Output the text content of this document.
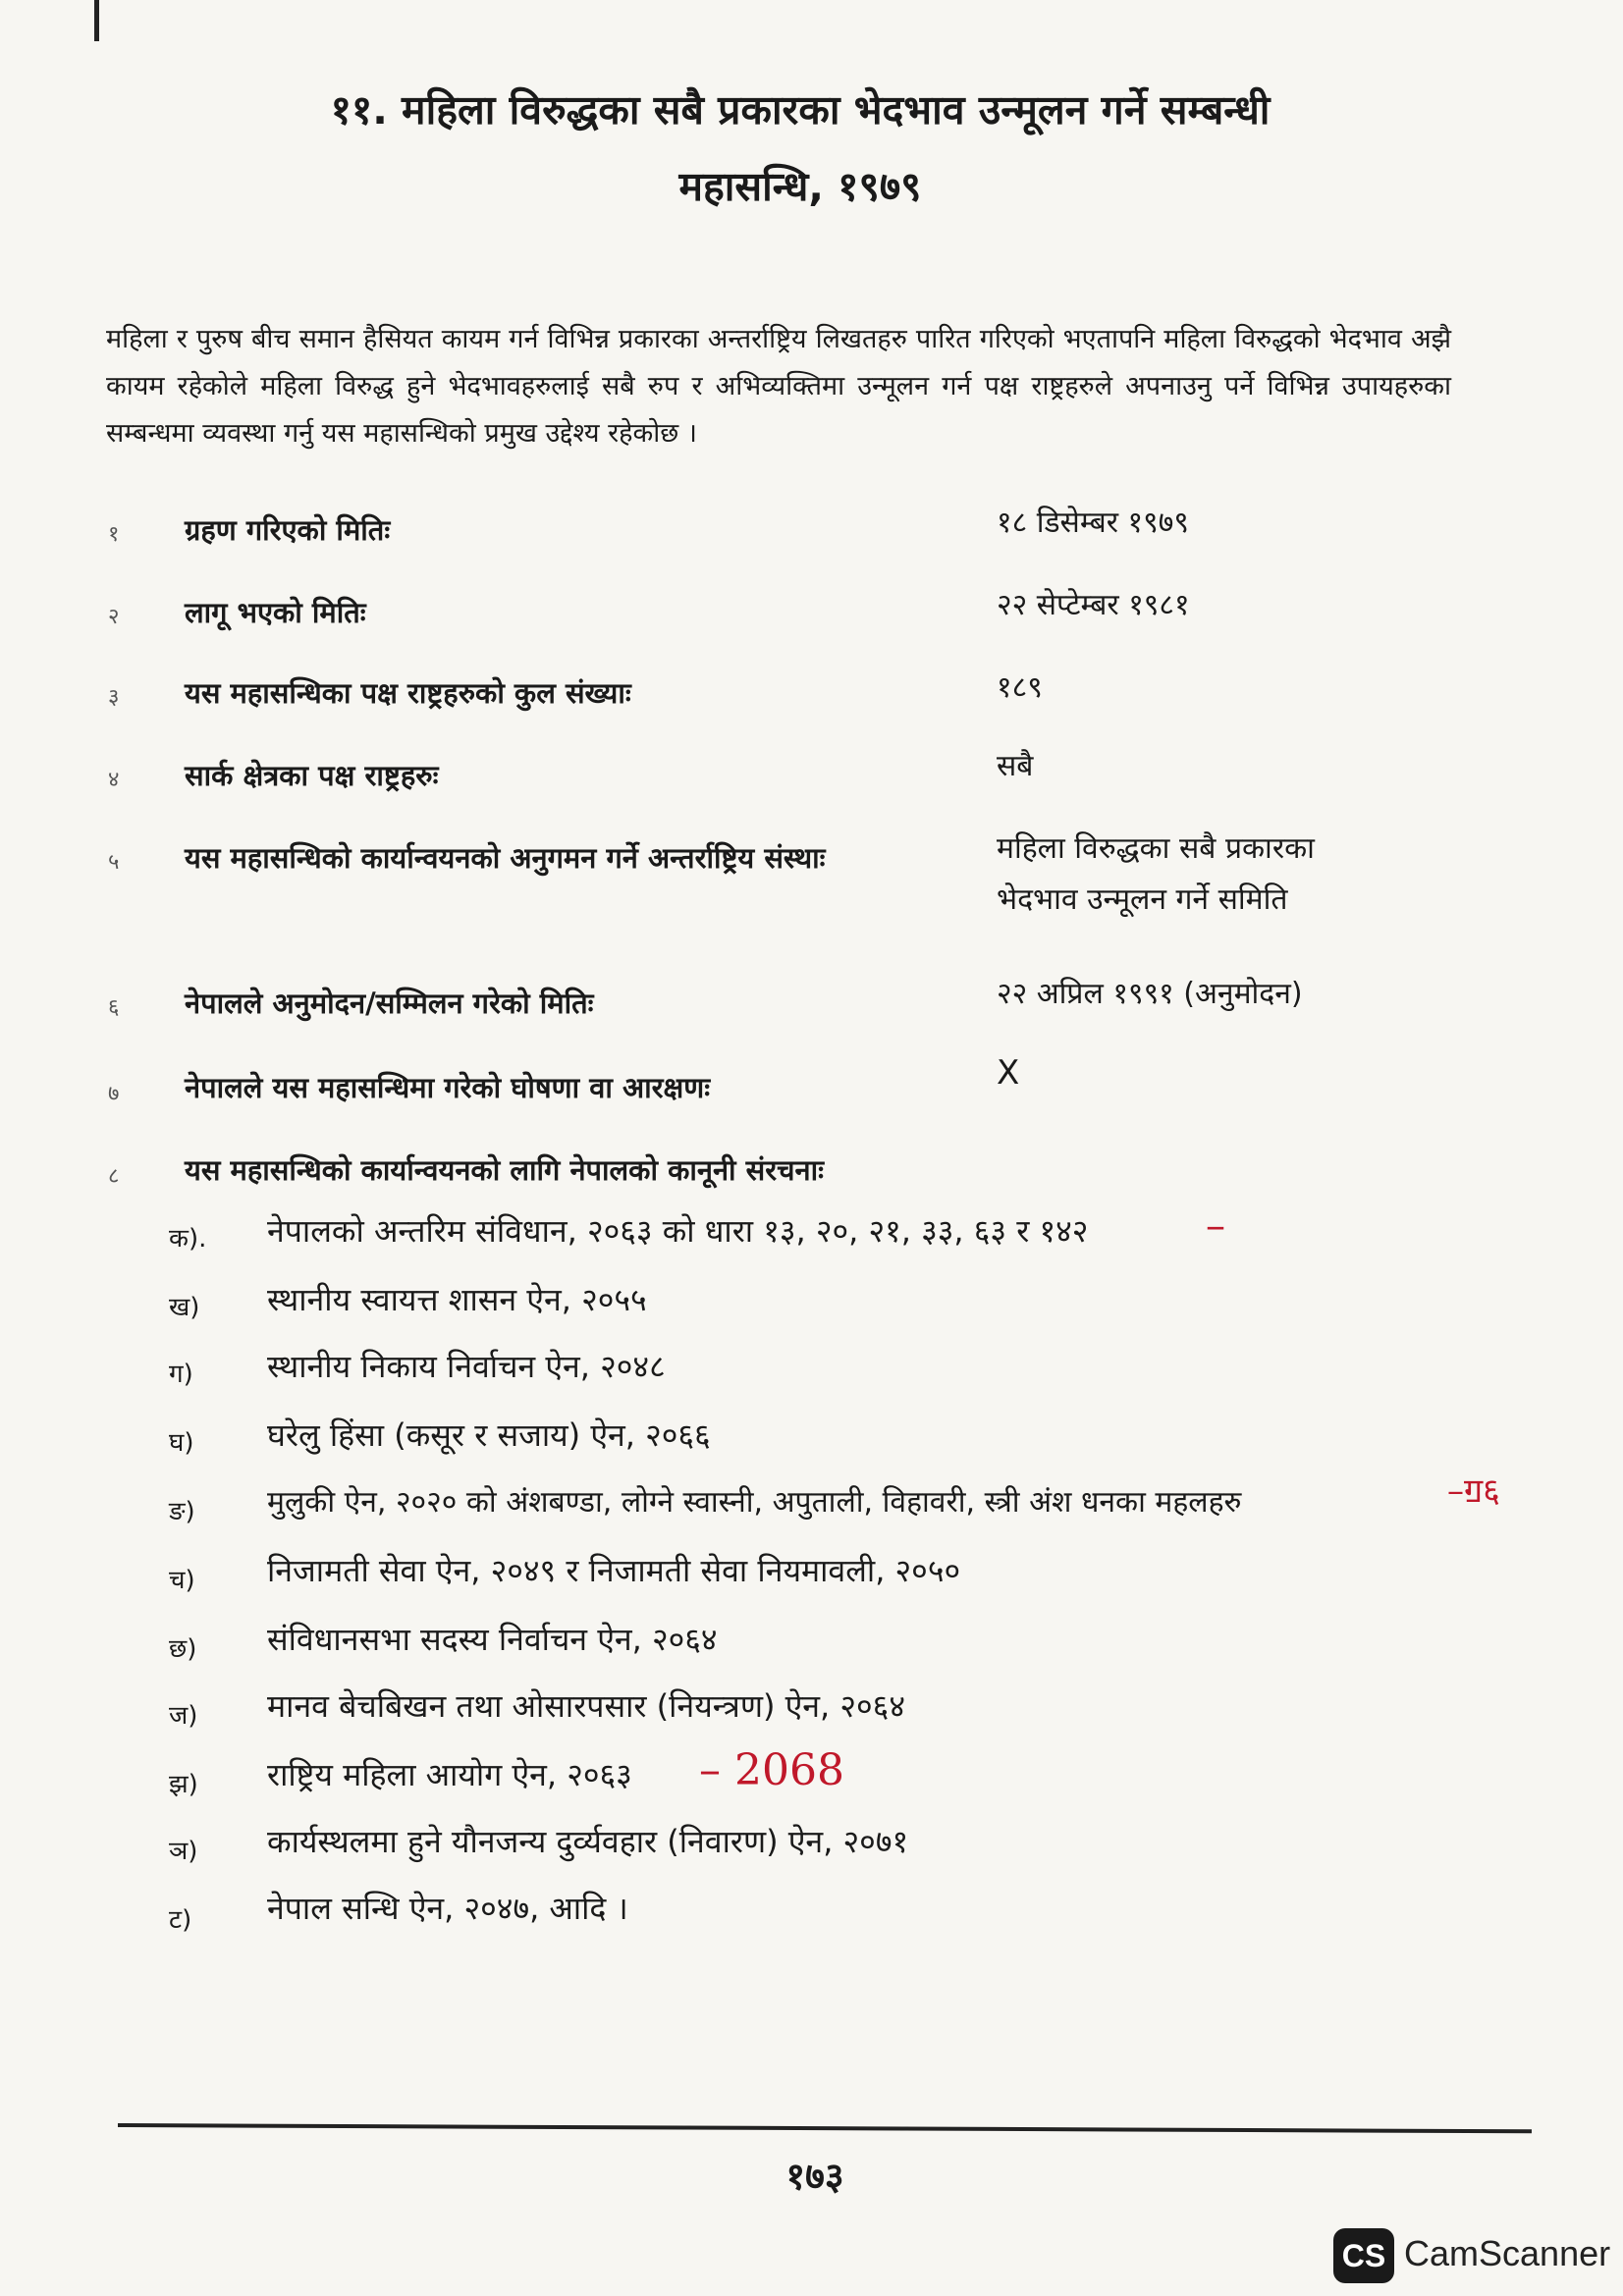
११. महिला विरुद्धका सबै प्रकारका भेदभाव उन्मूलन गर्ने सम्बन्धी
महासन्धि, १९७९
महिला र पुरुष बीच समान हैसियत कायम गर्न विभिन्न प्रकारका अन्तर्राष्ट्रिय लिखतहरु पारित गरिएको भएतापनि महिला विरुद्धको भेदभाव अझै कायम रहेकोले महिला विरुद्ध हुने भेदभावहरुलाई सबै रुप र अभिव्यक्तिमा उन्मूलन गर्न पक्ष राष्ट्रहरुले अपनाउनु पर्ने विभिन्न उपायहरुका सम्बन्धमा व्यवस्था गर्नु यस महासन्धिको प्रमुख उद्देश्य रहेकोछ ।
१	ग्रहण गरिएको मितिः	१८ डिसेम्बर १९७९
२	लागू भएको मितिः	२२ सेप्टेम्बर १९८१
३	यस महासन्धिका पक्ष राष्ट्रहरुको कुल संख्याः	१८९
४	सार्क क्षेत्रका पक्ष राष्ट्रहरुः	सबै
५	यस महासन्धिको कार्यान्वयनको अनुगमन गर्ने अन्तर्राष्ट्रिय संस्थाः	महिला विरुद्धका सबै प्रकारका
भेदभाव उन्मूलन गर्ने समिति
६	नेपालले अनुमोदन/सम्मिलन गरेको मितिः	२२ अप्रिल १९९१ (अनुमोदन)
७	नेपालले यस महासन्धिमा गरेको घोषणा वा आरक्षणः	X
८	यस महासन्धिको कार्यान्वयनको लागि नेपालको कानूनी संरचनाः
क).	नेपालको अन्तरिम संविधान, २०६३ को धारा १३, २०, २१, ३३, ६३ र १४२
ख)	स्थानीय स्वायत्त शासन ऐन, २०५५
ग)	स्थानीय निकाय निर्वाचन ऐन, २०४८
घ)	घरेलु हिंसा (कसूर र सजाय) ऐन, २०६६
ङ)	मुलुकी ऐन, २०२० को अंशबण्डा, लोग्ने स्वास्नी, अपुताली, विहावरी, स्त्री अंश धनका महलहरु
च)	निजामती सेवा ऐन, २०४९ र निजामती सेवा नियमावली, २०५०
छ)	संविधानसभा सदस्य निर्वाचन ऐन, २०६४
ज)	मानव बेचबिखन तथा ओसारपसार (नियन्त्रण) ऐन, २०६४
झ)	राष्ट्रिय महिला आयोग ऐन, २०६३
ञ)	कार्यस्थलमा हुने यौनजन्य दुर्व्यवहार (निवारण) ऐन, २०७१
ट)	नेपाल सन्धि ऐन, २०४७, आदि ।
–
–ॻ६
– 2068
१७३
CS CamScanner
